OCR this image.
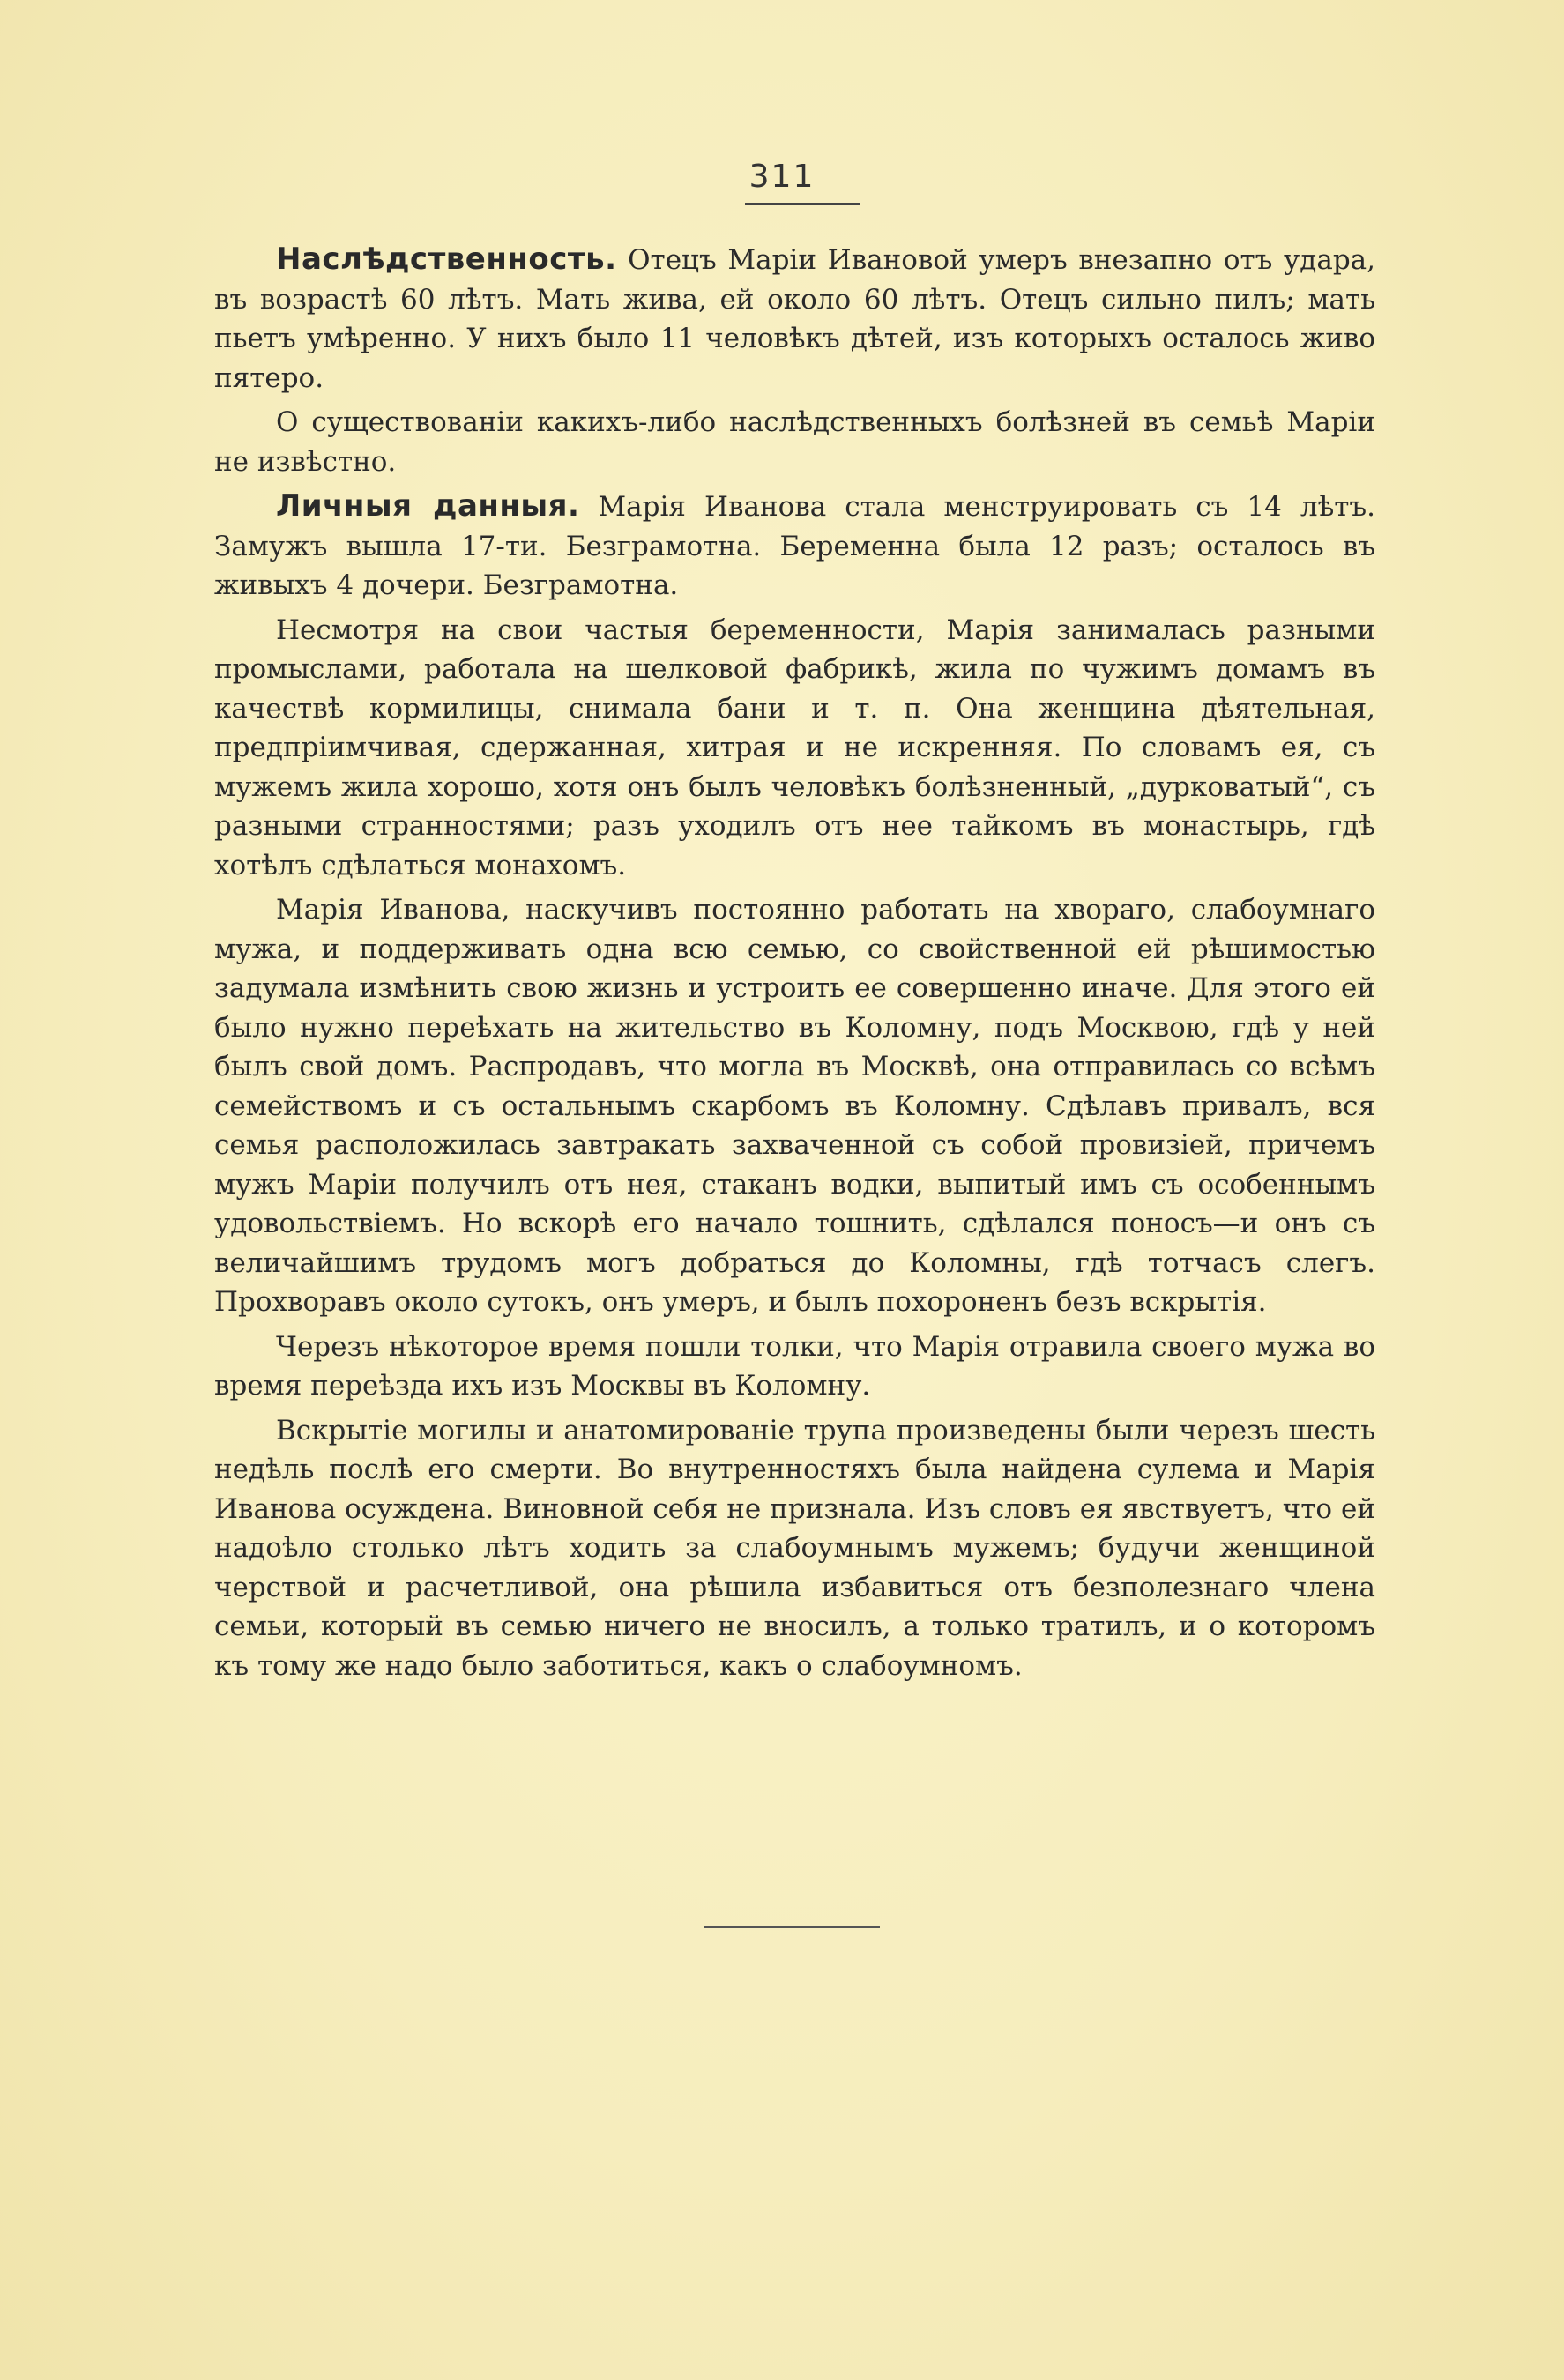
311

Наслѣдственность. Отецъ Маріи Ивановой умеръ внезапно отъ удара, въ возрастѣ 60 лѣтъ. Мать жива, ей около 60 лѣтъ. Отецъ сильно пилъ; мать пьетъ умѣренно. У нихъ было 11 человѣкъ дѣтей, изъ которыхъ осталось живо пятеро.

О существованіи какихъ-либо наслѣдственныхъ болѣзней въ семьѣ Маріи не извѣстно.

Личныя данныя. Марія Иванова стала менструировать съ 14 лѣтъ. Замужъ вышла 17-ти. Безграмотна. Беременна была 12 разъ; осталось въ живыхъ 4 дочери. Безграмотна.

Несмотря на свои частыя беременности, Марія занималась разными промыслами, работала на шелковой фабрикѣ, жила по чужимъ домамъ въ качествѣ кормилицы, снимала бани и т. п. Она женщина дѣятельная, предпріимчивая, сдержанная, хитрая и не искренняя. По словамъ ея, съ мужемъ жила хорошо, хотя онъ былъ человѣкъ болѣзненный, „дурковатый“, съ разными странностями; разъ уходилъ отъ нее тайкомъ въ монастырь, гдѣ хотѣлъ сдѣлаться монахомъ.

Марія Иванова, наскучивъ постоянно работать на хвораго, слабоумнаго мужа, и поддерживать одна всю семью, со свойственной ей рѣшимостью задумала измѣнить свою жизнь и устроить ее совершенно иначе. Для этого ей было нужно переѣхать на жительство въ Коломну, подъ Москвою, гдѣ у ней былъ свой домъ. Распродавъ, что могла въ Москвѣ, она отправилась со всѣмъ семействомъ и съ остальнымъ скарбомъ въ Коломну. Сдѣлавъ привалъ, вся семья расположилась завтракать захваченной съ собой провизіей, причемъ мужъ Маріи получилъ отъ нея, стаканъ водки, выпитый имъ съ особеннымъ удовольствіемъ. Но вскорѣ его начало тошнить, сдѣлался поносъ—и онъ съ величайшимъ трудомъ могъ добраться до Коломны, гдѣ тотчасъ слегъ. Прохворавъ около сутокъ, онъ умеръ, и былъ похороненъ безъ вскрытія.

Черезъ нѣкоторое время пошли толки, что Марія отравила своего мужа во время переѣзда ихъ изъ Москвы въ Коломну.

Вскрытіе могилы и анатомированіе трупа произведены были черезъ шесть недѣль послѣ его смерти. Во внутренностяхъ была найдена сулема и Марія Иванова осуждена. Виновной себя не признала. Изъ словъ ея явствуетъ, что ей надоѣло столько лѣтъ ходить за слабоумнымъ мужемъ; будучи женщиной черствой и расчетливой, она рѣшила избавиться отъ безполезнаго члена семьи, который въ семью ничего не вносилъ, а только тратилъ, и о которомъ къ тому же надо было заботиться, какъ о слабоумномъ.
